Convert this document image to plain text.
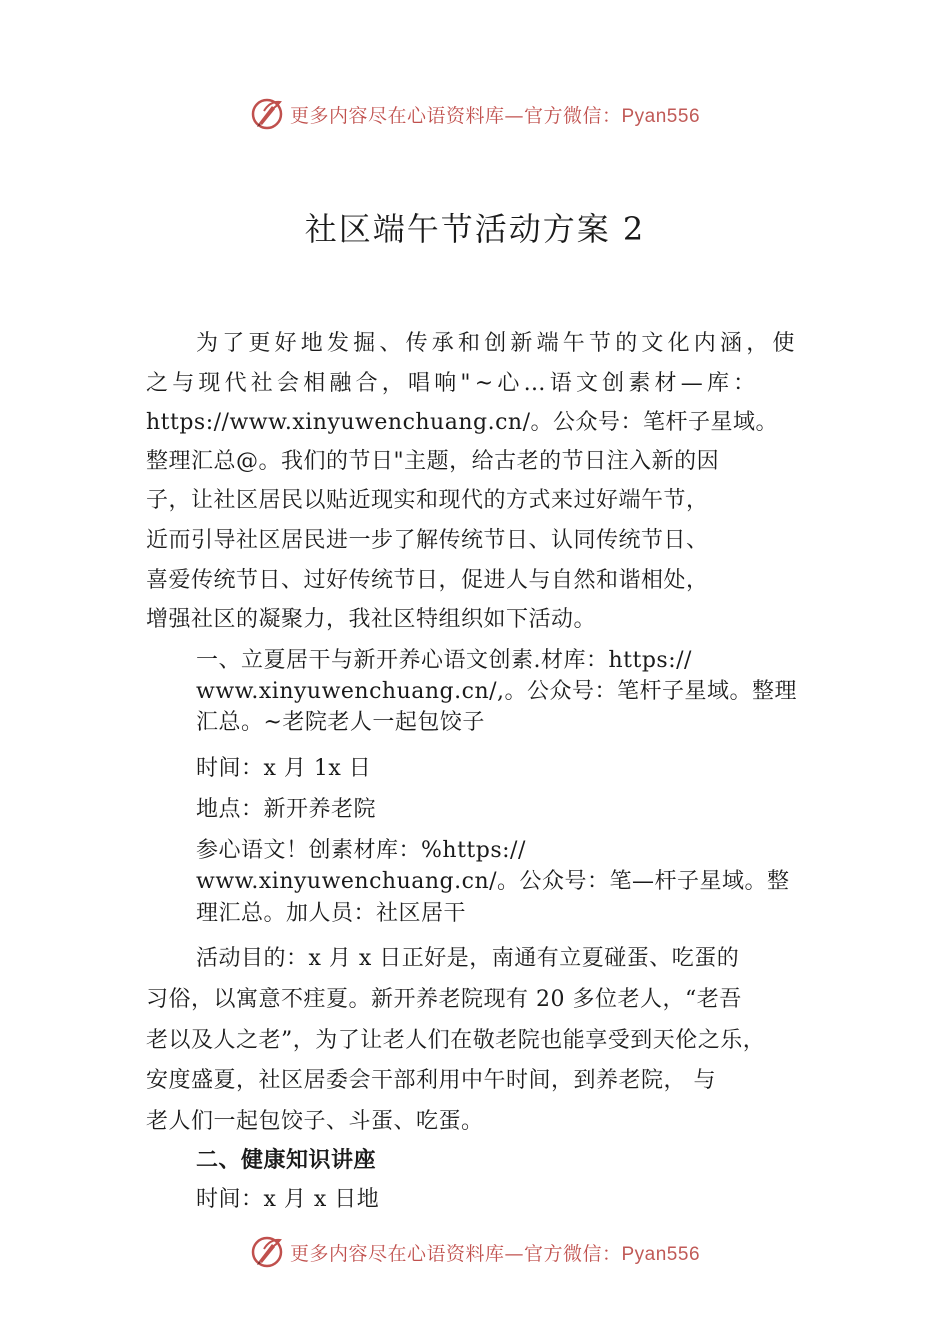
更多内容尽在心语资料库—官方微信：Pyan556
社区端午节活动方案 2

为了更好地发掘、传承和创新端午节的文化内涵，使

之与现代社会相融合，唱响"~心…语文创素材—库：

https://www.xinyuwenchuang.cn/。公众号：笔杆子星域。

整理汇总@。我们的节日"主题，给古老的节日注入新的因

子，让社区居民以贴近现实和现代的方式来过好端午节，

近而引导社区居民进一步了解传统节日、认同传统节日、

喜爱传统节日、过好传统节日，促进人与自然和谐相处，

增强社区的凝聚力，我社区特组织如下活动。

一、立夏居干与新开养心语文创素.材库：https://

www.xinyuwenchuang.cn/,。公众号：笔杆子星域。整理

汇总。~老院老人一起包饺子

时间：x 月 1x 日

地点：新开养老院

参心语文！创素材库：%https://

www.xinyuwenchuang.cn/。公众号：笔—杆子星域。整

理汇总。加人员：社区居干

活动目的：x 月 x 日正好是，南通有立夏碰蛋、吃蛋的

习俗，以寓意不疰夏。新开养老院现有 20 多位老人，“老吾

老以及人之老”，为了让老人们在敬老院也能享受到天伦之乐，

安度盛夏，社区居委会干部利用中午时间，到养老院， 与

老人们一起包饺子、斗蛋、吃蛋。

二、健康知识讲座

时间：x 月 x 日地

更多内容尽在心语资料库—官方微信：Pyan556
